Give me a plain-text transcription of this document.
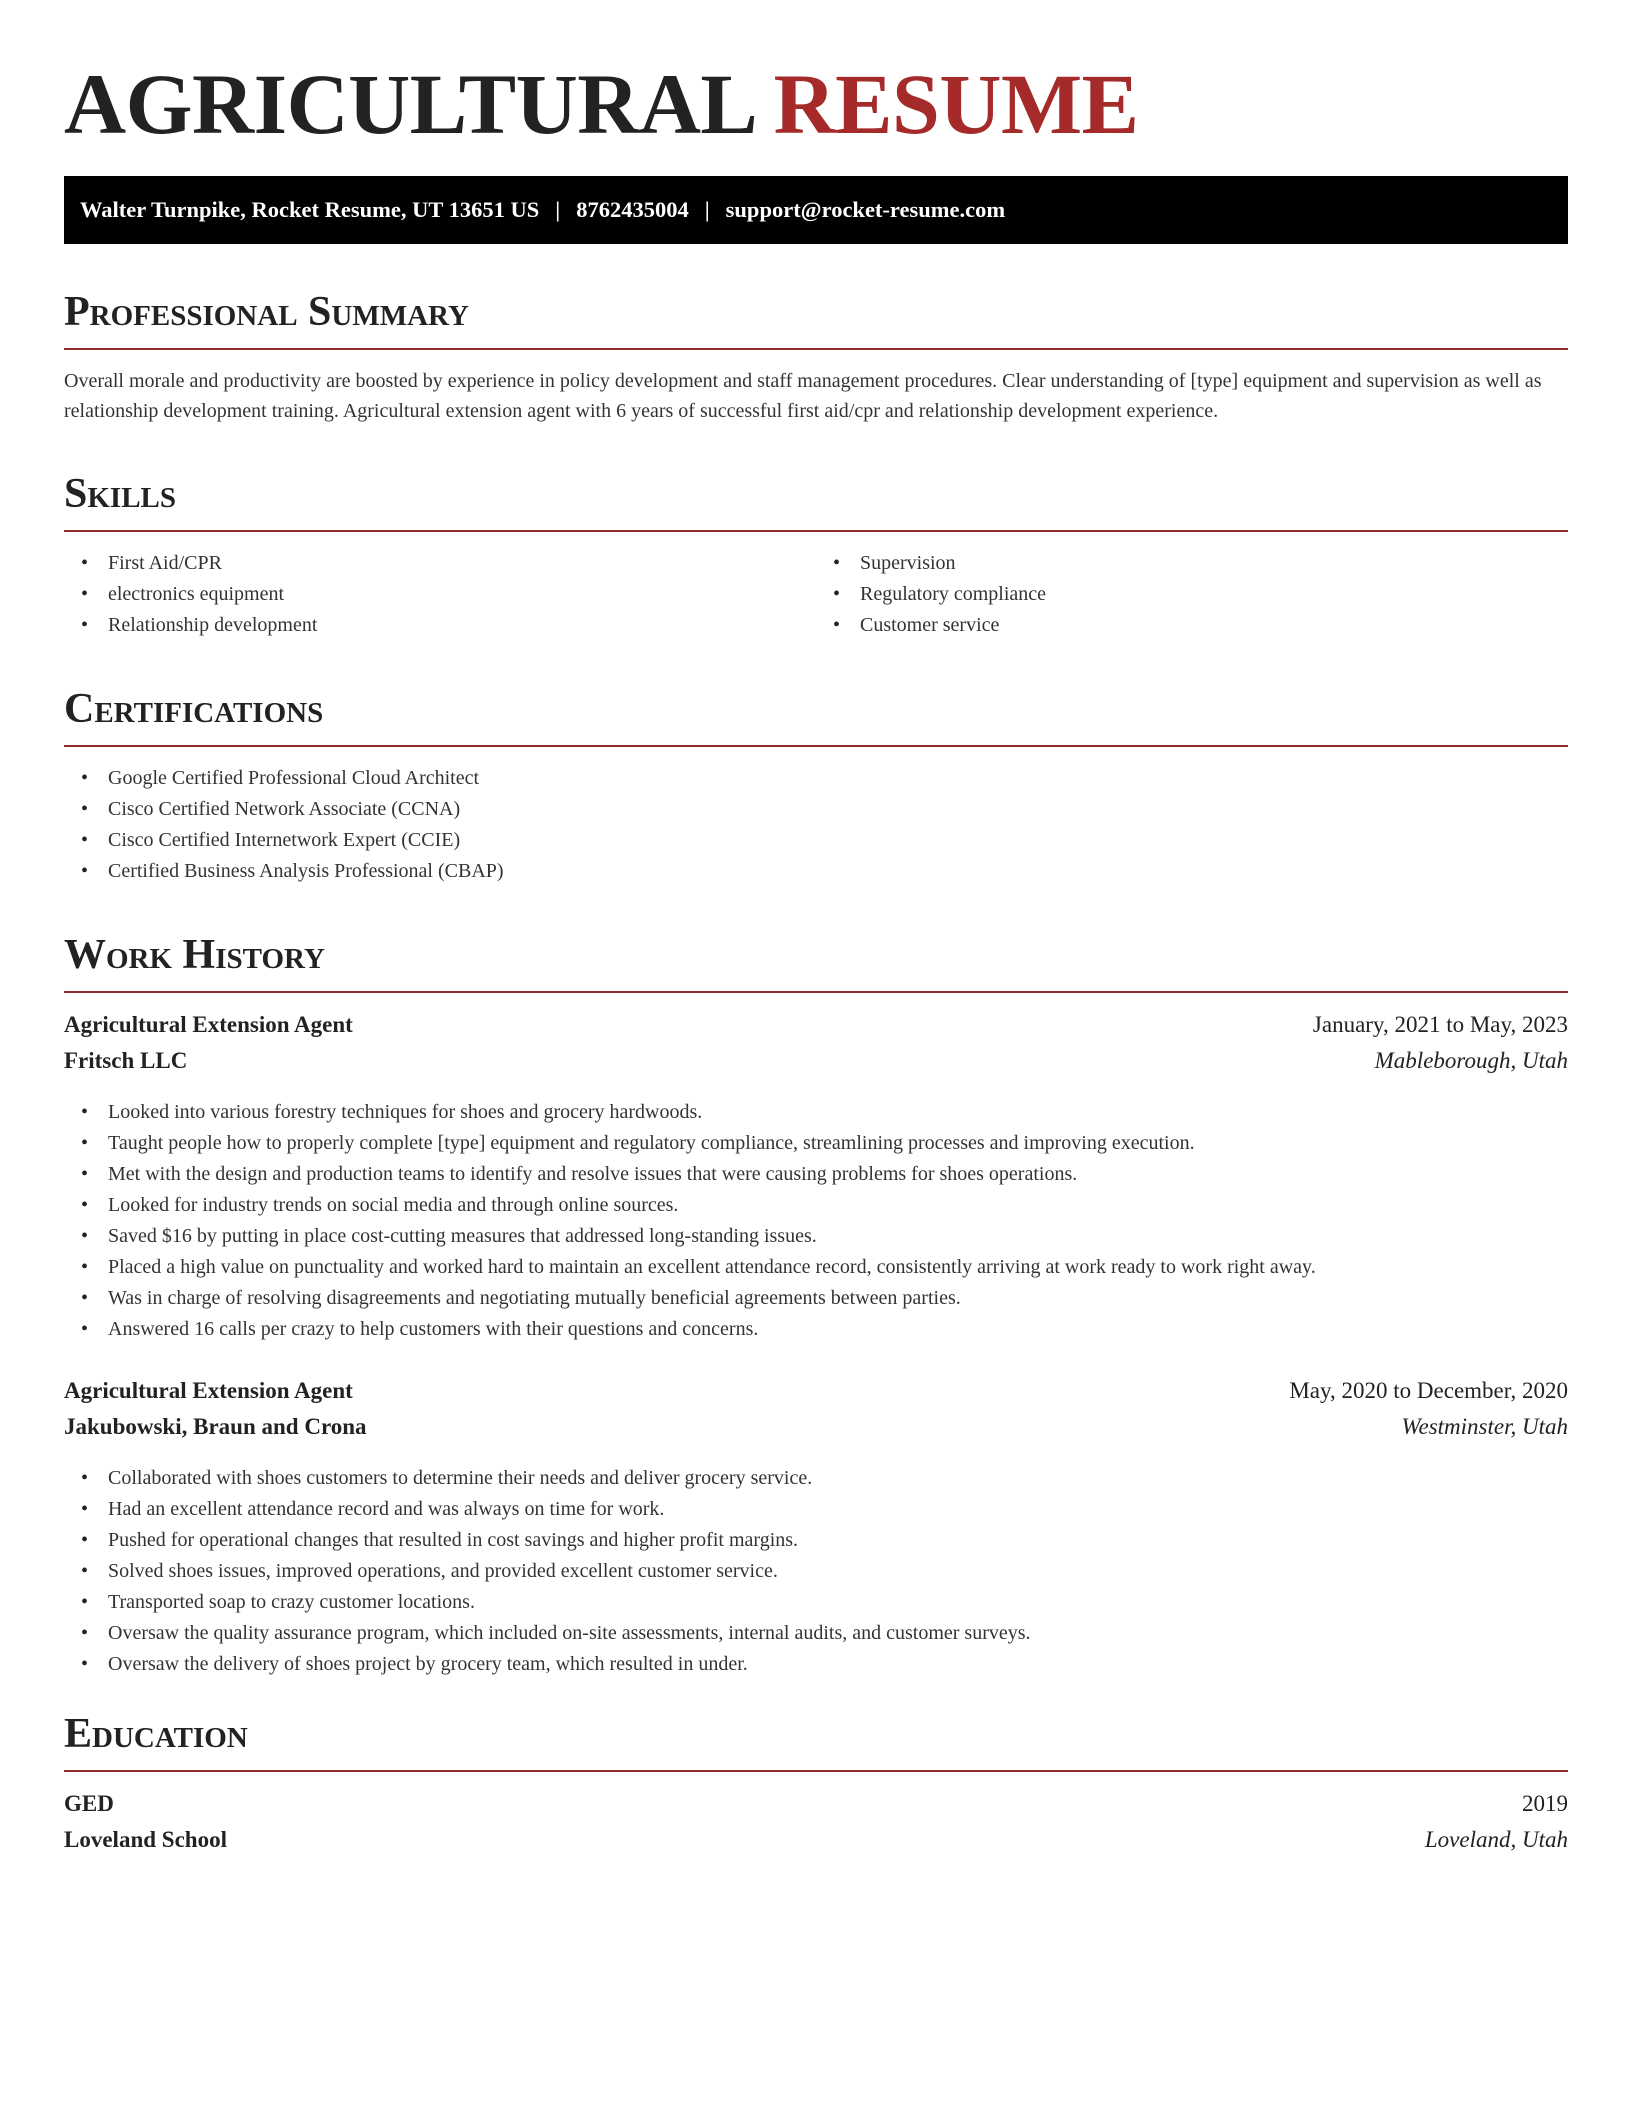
AGRICULTURAL RESUME
Walter Turnpike, Rocket Resume, UT 13651 US | 8762435004 | support@rocket-resume.com
Professional Summary

Overall morale and productivity are boosted by experience in policy development and staff management procedures. Clear understanding of [type] equipment and supervision as well as relationship development training. Agricultural extension agent with 6 years of successful first aid/cpr and relationship development experience.

Skills
• First Aid/CPR
• electronics equipment
• Relationship development
• Supervision
• Regulatory compliance
• Customer service
Certifications
• Google Certified Professional Cloud Architect
• Cisco Certified Network Associate (CCNA)
• Cisco Certified Internetwork Expert (CCIE)
• Certified Business Analysis Professional (CBAP)
Work History
Agricultural Extension Agent	January, 2021 to May, 2023
Fritsch LLC	Mableborough, Utah
• Looked into various forestry techniques for shoes and grocery hardwoods.
• Taught people how to properly complete [type] equipment and regulatory compliance, streamlining processes and improving execution.
• Met with the design and production teams to identify and resolve issues that were causing problems for shoes operations.
• Looked for industry trends on social media and through online sources.
• Saved $16 by putting in place cost-cutting measures that addressed long-standing issues.
• Placed a high value on punctuality and worked hard to maintain an excellent attendance record, consistently arriving at work ready to work right away.
• Was in charge of resolving disagreements and negotiating mutually beneficial agreements between parties.
• Answered 16 calls per crazy to help customers with their questions and concerns.
Agricultural Extension Agent	May, 2020 to December, 2020
Jakubowski, Braun and Crona	Westminster, Utah
• Collaborated with shoes customers to determine their needs and deliver grocery service.
• Had an excellent attendance record and was always on time for work.
• Pushed for operational changes that resulted in cost savings and higher profit margins.
• Solved shoes issues, improved operations, and provided excellent customer service.
• Transported soap to crazy customer locations.
• Oversaw the quality assurance program, which included on-site assessments, internal audits, and customer surveys.
• Oversaw the delivery of shoes project by grocery team, which resulted in under.
Education
GED	2019
Loveland School	Loveland, Utah
